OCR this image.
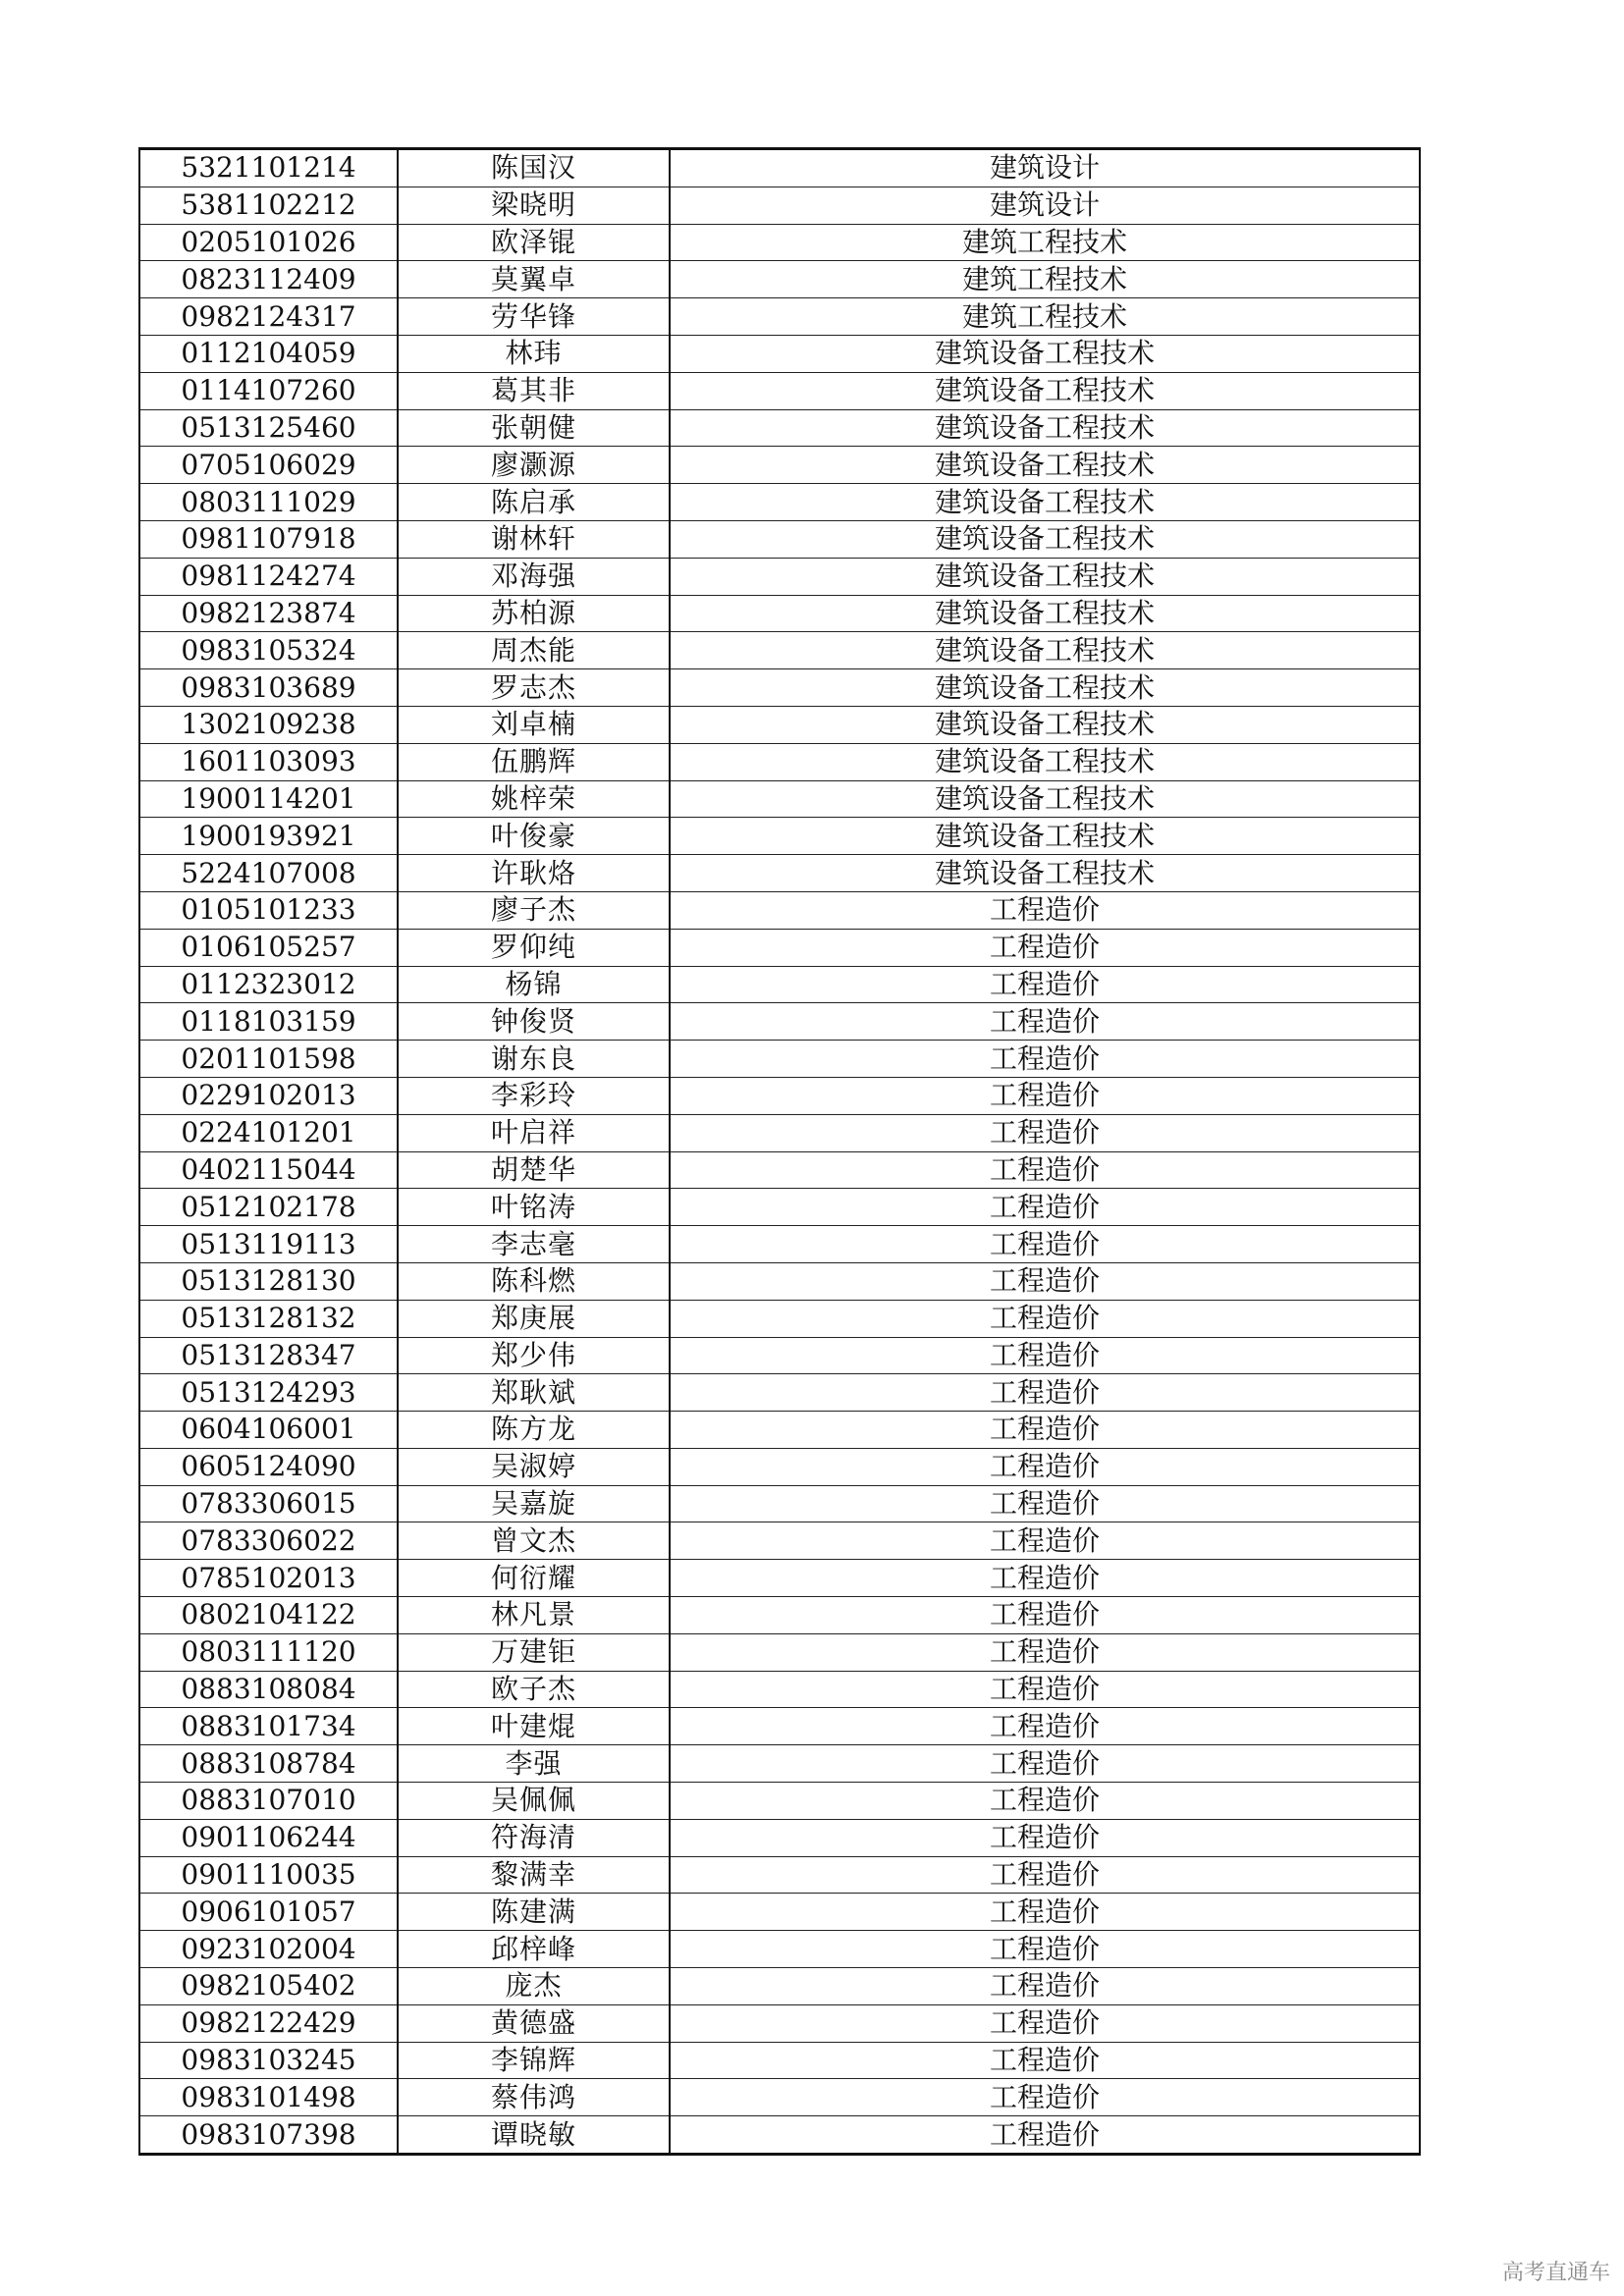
5321101214	陈国汉	建筑设计
5381102212	梁晓明	建筑设计
0205101026	欧泽锟	建筑工程技术
0823112409	莫翼卓	建筑工程技术
0982124317	劳华锋	建筑工程技术
0112104059	林玮	建筑设备工程技术
0114107260	葛其非	建筑设备工程技术
0513125460	张朝健	建筑设备工程技术
0705106029	廖灏源	建筑设备工程技术
0803111029	陈启承	建筑设备工程技术
0981107918	谢林轩	建筑设备工程技术
0981124274	邓海强	建筑设备工程技术
0982123874	苏柏源	建筑设备工程技术
0983105324	周杰能	建筑设备工程技术
0983103689	罗志杰	建筑设备工程技术
1302109238	刘卓楠	建筑设备工程技术
1601103093	伍鹏辉	建筑设备工程技术
1900114201	姚梓荣	建筑设备工程技术
1900193921	叶俊豪	建筑设备工程技术
5224107008	许耿烙	建筑设备工程技术
0105101233	廖子杰	工程造价
0106105257	罗仰纯	工程造价
0112323012	杨锦	工程造价
0118103159	钟俊贤	工程造价
0201101598	谢东良	工程造价
0229102013	李彩玲	工程造价
0224101201	叶启祥	工程造价
0402115044	胡楚华	工程造价
0512102178	叶铭涛	工程造价
0513119113	李志毫	工程造价
0513128130	陈科燃	工程造价
0513128132	郑庚展	工程造价
0513128347	郑少伟	工程造价
0513124293	郑耿斌	工程造价
0604106001	陈方龙	工程造价
0605124090	吴淑婷	工程造价
0783306015	吴嘉旋	工程造价
0783306022	曾文杰	工程造价
0785102013	何衍耀	工程造价
0802104122	林凡景	工程造价
0803111120	万建钜	工程造价
0883108084	欧子杰	工程造价
0883101734	叶建焜	工程造价
0883108784	李强	工程造价
0883107010	吴佩佩	工程造价
0901106244	符海清	工程造价
0901110035	黎满幸	工程造价
0906101057	陈建满	工程造价
0923102004	邱梓峰	工程造价
0982105402	庞杰	工程造价
0982122429	黄德盛	工程造价
0983103245	李锦辉	工程造价
0983101498	蔡伟鸿	工程造价
0983107398	谭晓敏	工程造价
高考直通车
